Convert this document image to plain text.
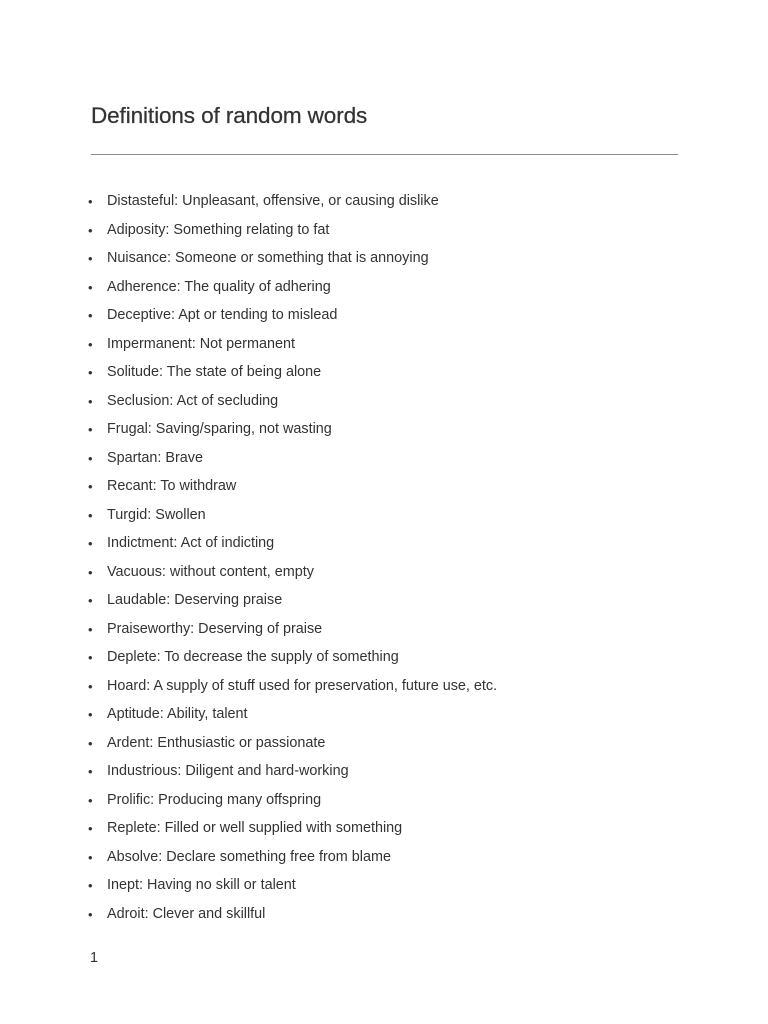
Definitions of random words
• Distasteful: Unpleasant, offensive, or causing dislike
• Adiposity: Something relating to fat
• Nuisance: Someone or something that is annoying
• Adherence: The quality of adhering
• Deceptive: Apt or tending to mislead
• Impermanent: Not permanent
• Solitude: The state of being alone
• Seclusion: Act of secluding
• Frugal: Saving/sparing, not wasting
• Spartan: Brave
• Recant: To withdraw
• Turgid: Swollen
• Indictment: Act of indicting
• Vacuous: without content, empty
• Laudable: Deserving praise
• Praiseworthy: Deserving of praise
• Deplete: To decrease the supply of something
• Hoard: A supply of stuff used for preservation, future use, etc.
• Aptitude: Ability, talent
• Ardent: Enthusiastic or passionate
• Industrious: Diligent and hard-working
• Prolific: Producing many offspring
• Replete: Filled or well supplied with something
• Absolve: Declare something free from blame
• Inept: Having no skill or talent
• Adroit: Clever and skillful
1
